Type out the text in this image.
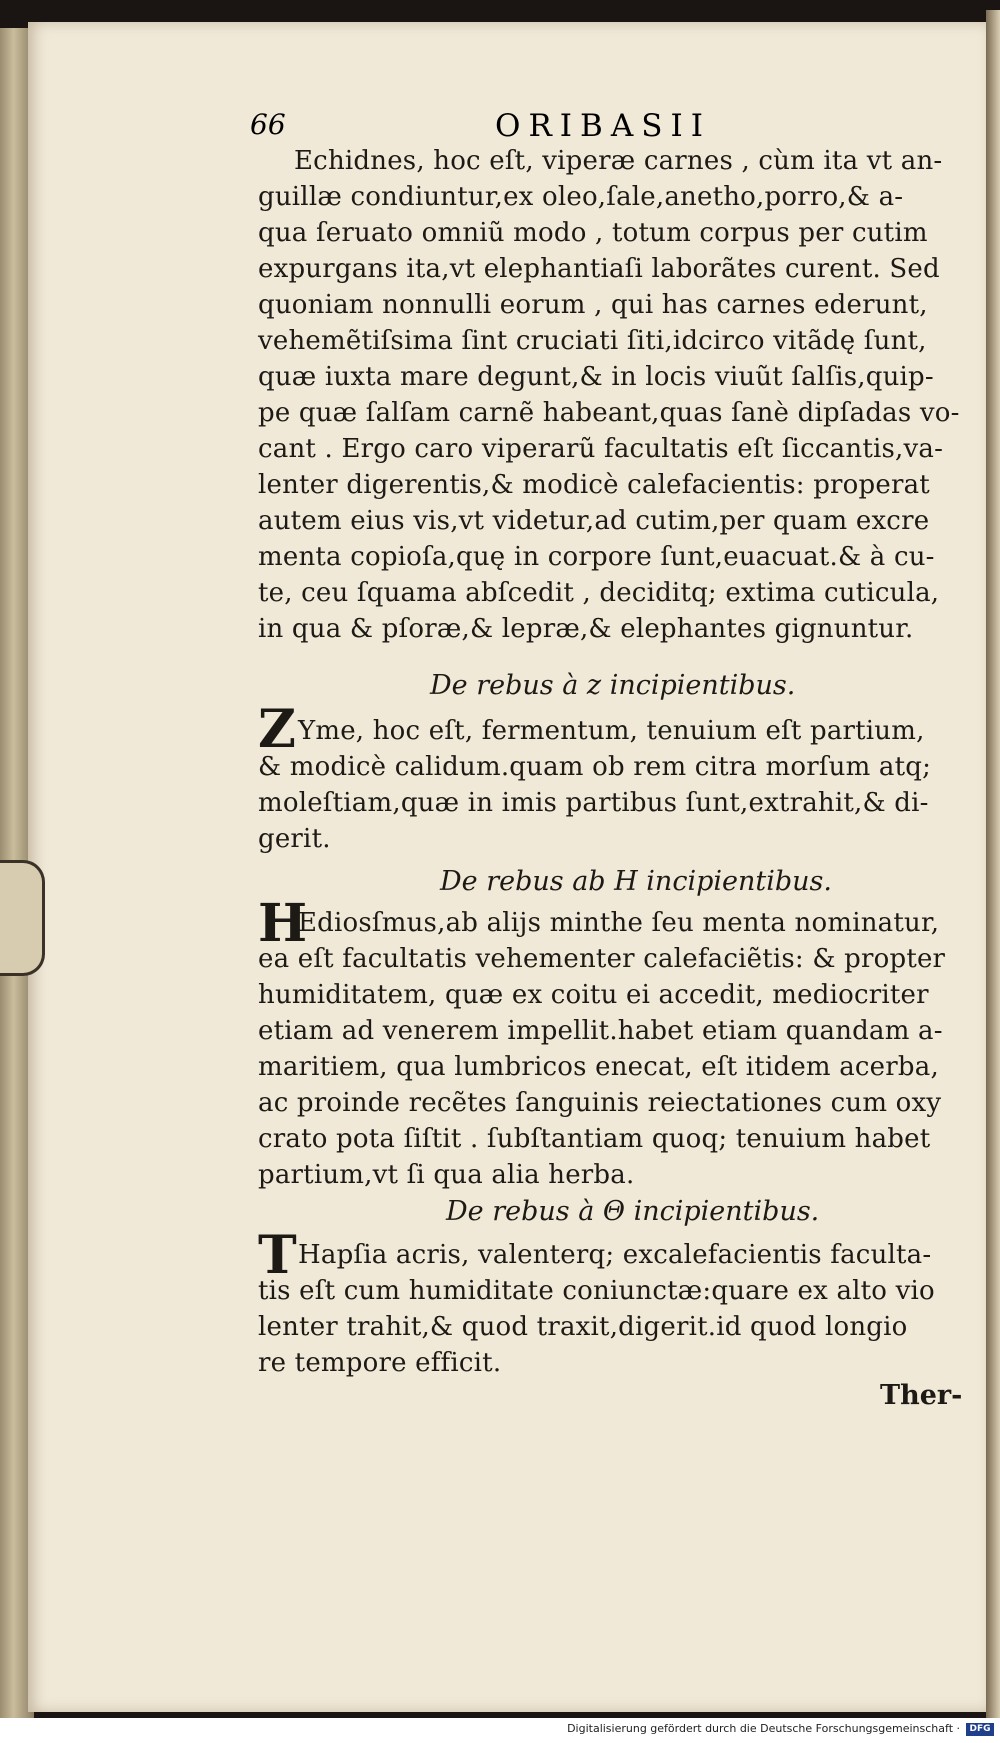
66	ORIBASII
Echidnes, hoc eſt, viperæ carnes , cùm ita vt an-
guillæ condiuntur,ex oleo,ſale,anetho,porro,& a-
qua ſeruato omniũ modo , totum corpus per cutim
expurgans ita,vt elephantiaſi laborãtes curent. Sed
quoniam nonnulli eorum , qui has carnes ederunt,
vehemẽtiſsima ſint cruciati ſiti,idcirco vitãdę ſunt,
quæ iuxta mare degunt,& in locis viuũt ſalſis,quip-
pe quæ ſalſam carnẽ habeant,quas ſanè dipſadas vo-
cant . Ergo caro viperarũ facultatis eſt ſiccantis,va-
lenter digerentis,& modicè calefacientis: properat
autem eius vis,vt videtur,ad cutim,per quam excre
menta copioſa,quę in corpore ſunt,euacuat.& à cu-
te, ceu ſquama abſcedit , deciditq; extima cuticula,
in qua & pſoræ,& lepræ,& elephantes gignuntur.
De rebus à z incipientibus.
Z Yme, hoc eſt, fermentum, tenuium eſt partium,
& modicè calidum.quam ob rem citra morſum atq;
moleſtiam,quæ in imis partibus ſunt,extrahit,& di-
gerit.
De rebus ab H incipientibus.
H
Ediosſmus,ab alijs minthe ſeu menta nominatur,
ea eſt facultatis vehementer calefaciẽtis: & propter
humiditatem, quæ ex coitu ei accedit, mediocriter
etiam ad venerem impellit.habet etiam quandam a-
maritiem, qua lumbricos enecat, eſt itidem acerba,
ac proinde recẽtes ſanguinis reiectationes cum oxy
crato pota ſiſtit . ſubſtantiam quoq; tenuium habet
partium,vt ſi qua alia herba.
De rebus à Θ incipientibus.
T Hapſia acris, valenterq; excalefacientis faculta-
tis eſt cum humiditate coniunctæ:quare ex alto vio
lenter trahit,& quod traxit,digerit.id quod longio
re tempore efficit.
Ther-
Digitalisierung gefördert durch die Deutsche Forschungsgemeinschaft ·	DFG
